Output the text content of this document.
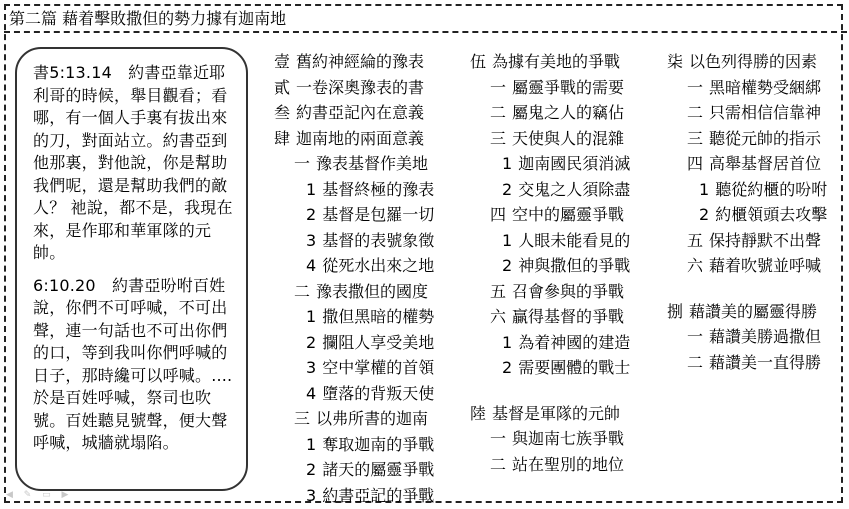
第二篇 藉着擊敗撒但的勢力據有迦南地

書5:13.14　約書亞靠近耶利哥的時候，舉目觀看；看哪，有一個人手裏有拔出來的刀，對面站立。約書亞到他那裏，對他說，你是幫助我們呢，還是幫助我們的敵人？ 祂說，都不是，我現在來，是作耶和華軍隊的元帥。

6:10.20　約書亞吩咐百姓說，你們不可呼喊，不可出聲，連一句話也不可出你們的口，等到我叫你們呼喊的日子，那時纔可以呼喊。....於是百姓呼喊，祭司也吹號。百姓聽見號聲，便大聲呼喊，城牆就塌陷。

壹 舊約神經綸的豫表
貳 一卷深奧豫表的書
叁 約書亞記內在意義
肆 迦南地的兩面意義
一 豫表基督作美地
1 基督終極的豫表
2 基督是包羅一切
3 基督的表號象徵
4 從死水出來之地
二 豫表撒但的國度
1 撒但黑暗的權勢
2 攔阻人享受美地
3 空中掌權的首領
4 墮落的背叛天使
三 以弗所書的迦南
1 奪取迦南的爭戰
2 諸天的屬靈爭戰
3 約書亞記的爭戰
伍 為據有美地的爭戰
一 屬靈爭戰的需要
二 屬鬼之人的竊佔
三 天使與人的混雜
1 迦南國民須消滅
2 交鬼之人須除盡
四 空中的屬靈爭戰
1 人眼未能看見的
2 神與撒但的爭戰
五 召會參與的爭戰
六 贏得基督的爭戰
1 為着神國的建造
2 需要團體的戰士
陸 基督是軍隊的元帥
一 與迦南七族爭戰
二 站在聖別的地位
柒 以色列得勝的因素
一 黑暗權勢受綑綁
二 只需相信信靠神
三 聽從元帥的指示
四 高舉基督居首位
1 聽從約櫃的吩咐
2 約櫃領頭去攻擊
五 保持靜默不出聲
六 藉着吹號並呼喊
捌 藉讚美的屬靈得勝
一 藉讚美勝過撒但
二 藉讚美一直得勝
◀ ✎ ▭ ▶
